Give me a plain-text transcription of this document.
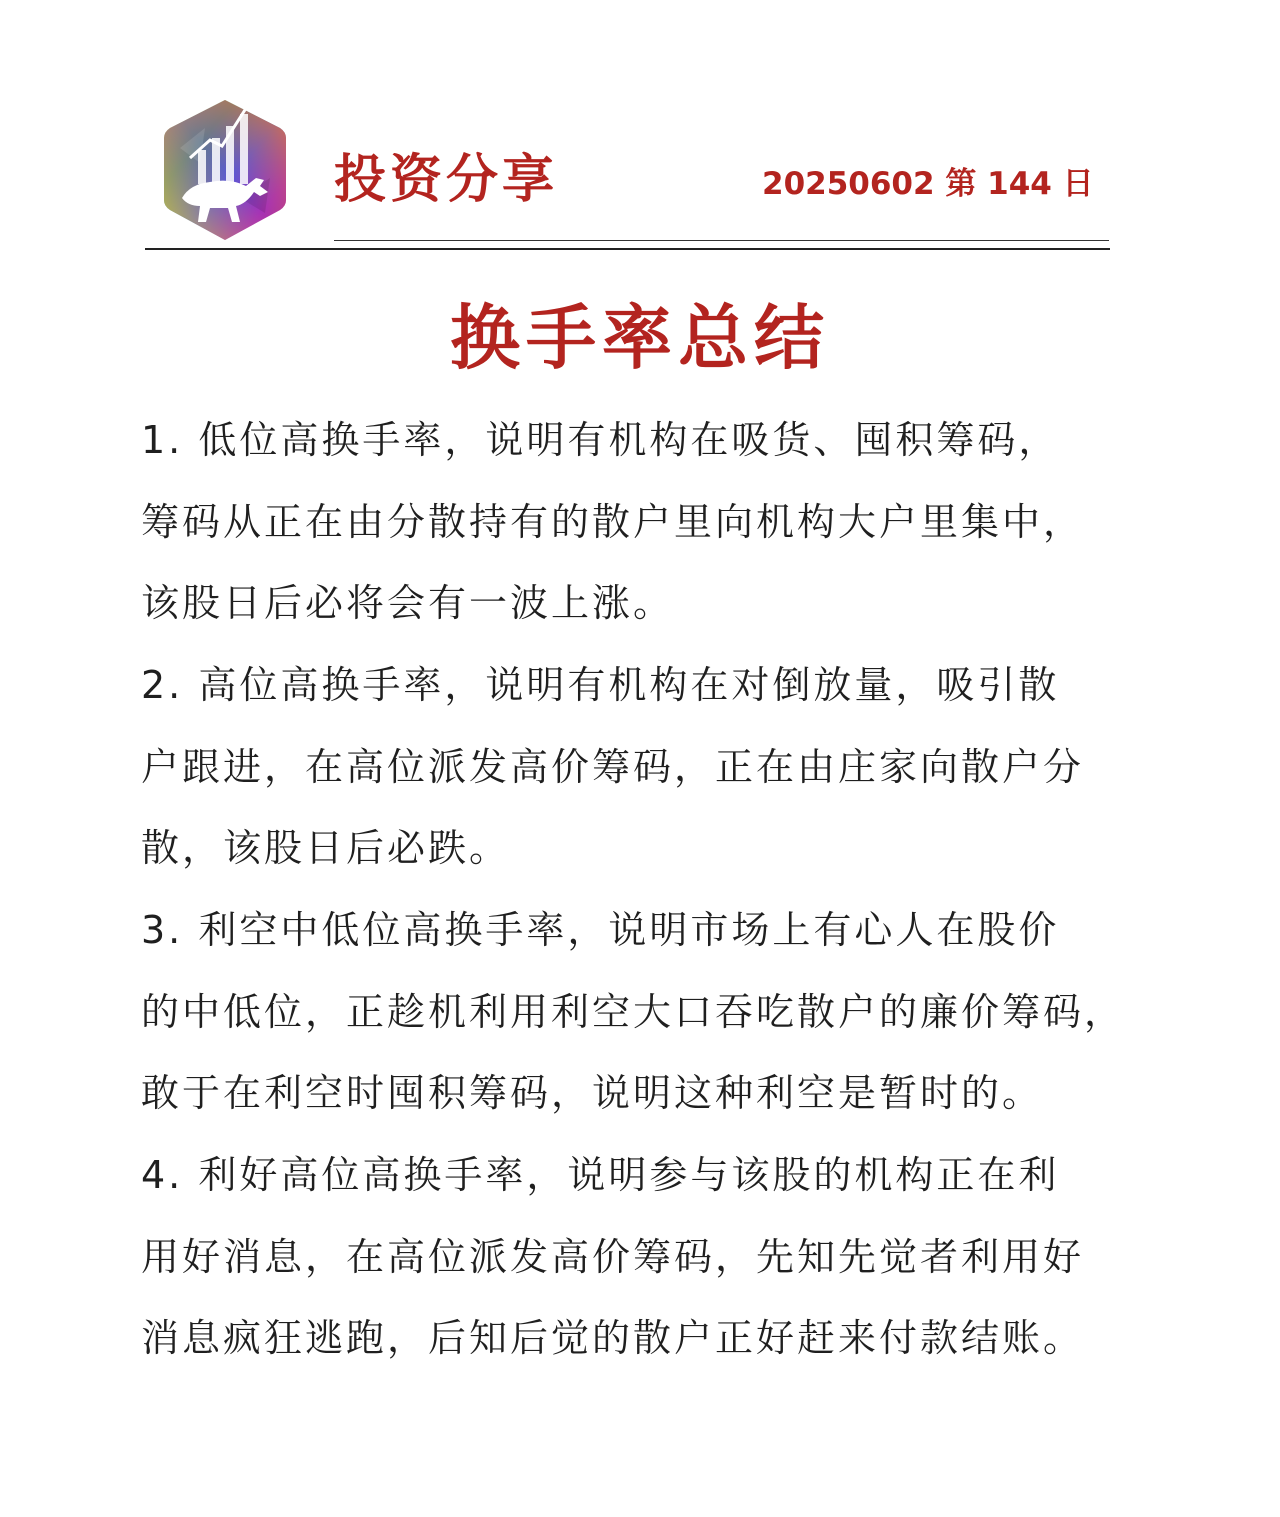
投资分享	20250602 第 144 日
换手率总结
1. 低位高换手率，说明有机构在吸货、囤积筹码，
筹码从正在由分散持有的散户里向机构大户里集中，
该股日后必将会有一波上涨。
2. 高位高换手率，说明有机构在对倒放量，吸引散
户跟进，在高位派发高价筹码，正在由庄家向散户分
散，该股日后必跌。
3. 利空中低位高换手率，说明市场上有心人在股价
的中低位，正趁机利用利空大口吞吃散户的廉价筹码，
敢于在利空时囤积筹码，说明这种利空是暂时的。
4. 利好高位高换手率，说明参与该股的机构正在利
用好消息，在高位派发高价筹码，先知先觉者利用好
消息疯狂逃跑，后知后觉的散户正好赶来付款结账。
